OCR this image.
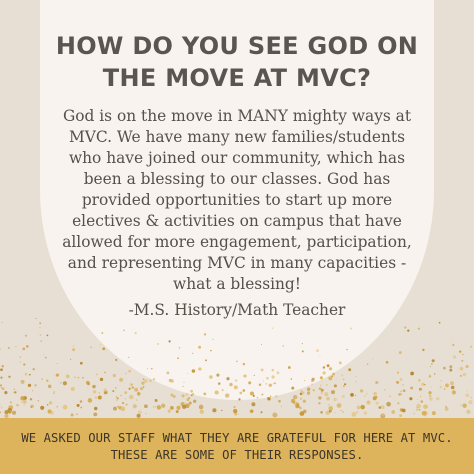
HOW DO YOU SEE GOD ON THE MOVE AT MVC?

God is on the move in MANY mighty ways at MVC. We have many new families/students who have joined our community, which has been a blessing to our classes. God has provided opportunities to start up more electives & activities on campus that have allowed for more engagement, participation, and representing MVC in many capacities - what a blessing!

-M.S. History/Math Teacher

WE ASKED OUR STAFF WHAT THEY ARE GRATEFUL FOR HERE AT MVC. THESE ARE SOME OF THEIR RESPONSES.
